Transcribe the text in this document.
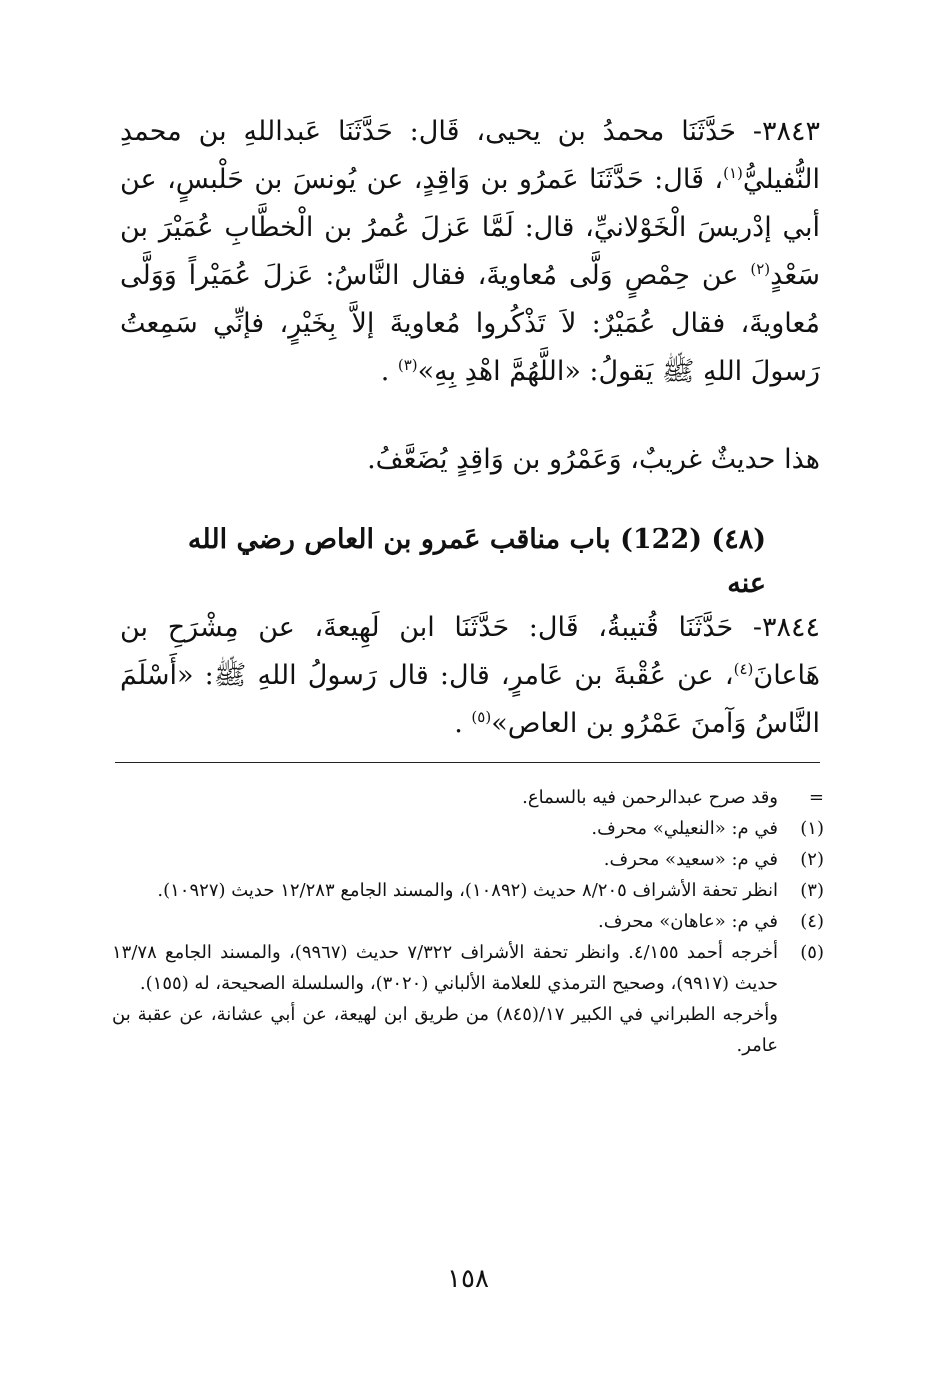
٣٨٤٣- حَدَّثَنَا محمدُ بن يحيى، قَال: حَدَّثَنَا عَبداللهِ بن محمدِ النُّفيليُّ$^{(١)}$، قَال: حَدَّثَنَا عَمرُو بن وَاقِدٍ، عن يُونسَ بن حَلْبسٍ، عن أبي إدْريسَ الْخَوْلانيِّ، قال: لَمَّا عَزلَ عُمرُ بن الْخطَّابِ عُمَيْرَ بن سَعْدٍ$^{(٢)}$ عن حِمْصٍ وَلَّى مُعاويةَ، فقال النَّاسُ: عَزلَ عُمَيْراً وَوَلَّى مُعاويةَ، فقال عُمَيْرٌ: لاَ تَذْكُروا مُعاويةَ إلاَّ بِخَيْرٍ، فإنِّي سَمِعتُ رَسولَ اللهِ ﷺ يَقولُ: «اللَّهُمَّ اهْدِ بِهِ»$^{(٣)}$ .

هذا حديثٌ غريبٌ، وَعَمْرُو بن وَاقِدٍ يُضَعَّفُ.
(٤٨) (122) باب مناقب عَمرو بن العاص رضي الله عنه

٣٨٤٤- حَدَّثَنَا قُتيبةُ، قَال: حَدَّثَنَا ابن لَهِيعةَ، عن مِشْرَحِ بن هَاعانَ$^{(٤)}$، عن عُقْبةَ بن عَامرٍ، قال: قال رَسولُ اللهِ ﷺ: «أَسْلَمَ النَّاسُ وَآمنَ عَمْرُو بن العاص»$^{(٥)}$ .

=
وقد صرح عبدالرحمن فيه بالسماع.
(١)
في م: «النعيلي» محرف.
(٢)
في م: «سعيد» محرف.
(٣)
انظر تحفة الأشراف ٨/٢٠٥ حديث (١٠٨٩٢)، والمسند الجامع ١٢/٢٨٣ حديث (١٠٩٢٧).
(٤)
في م: «عاهان» محرف.
(٥)
أخرجه أحمد ٤/١٥٥. وانظر تحفة الأشراف ٧/٣٢٢ حديث (٩٩٦٧)، والمسند الجامع ١٣/٧٨ حديث (٩٩١٧)، وصحيح الترمذي للعلامة الألباني (٣٠٢٠)، والسلسلة الصحيحة، له (١٥٥).
وأخرجه الطبراني في الكبير ١٧/(٨٤٥) من طريق ابن لهيعة، عن أبي عشانة، عن عقبة بن عامر.
١٥٨
